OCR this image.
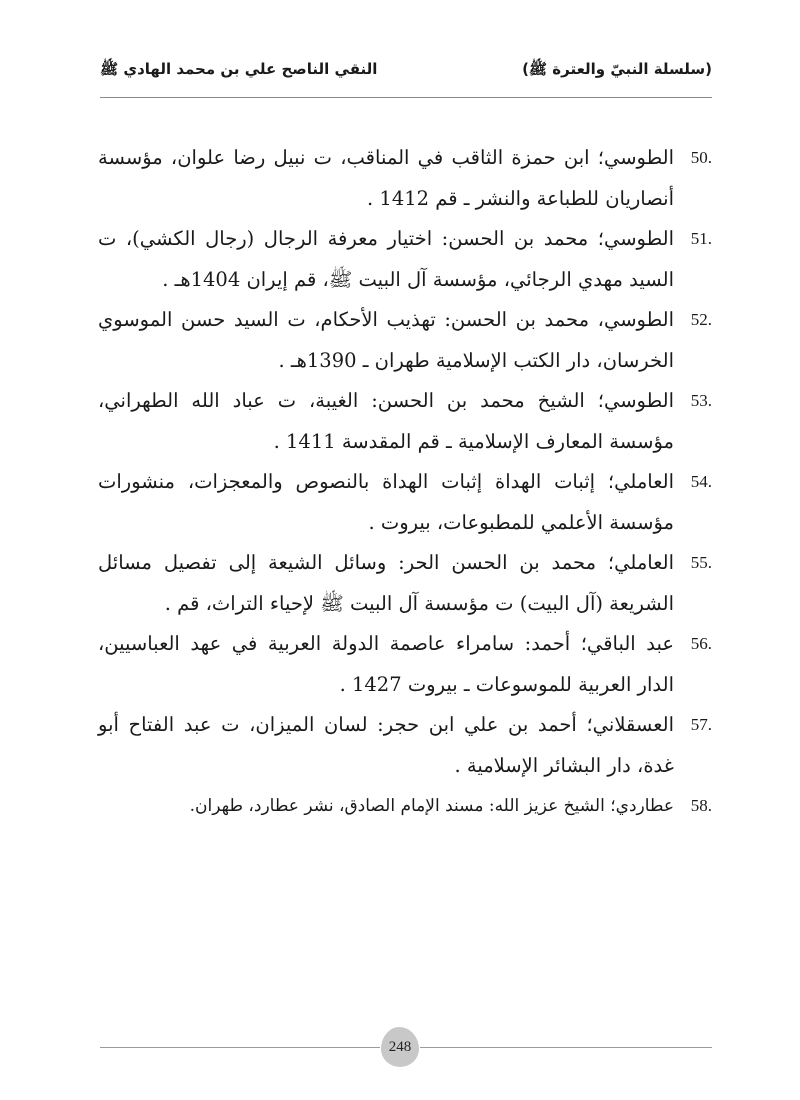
(سلسلة النبيّ والعترة ﷺ)
النقي الناصح علي بن محمد الهادي ﷺ
50.
الطوسي؛ ابن حمزة الثاقب في المناقب، ت نبيل رضا علوان، مؤسسة أنصاريان للطباعة والنشر ـ قم 1412 .
51.
الطوسي؛ محمد بن الحسن: اختيار معرفة الرجال (رجال الكشي)، ت السيد مهدي الرجائي، مؤسسة آل البيت ﷺ، قم إيران 1404هـ .
52.
الطوسي، محمد بن الحسن: تهذيب الأحكام، ت السيد حسن الموسوي الخرسان، دار الكتب الإسلامية طهران ـ 1390هـ .
53.
الطوسي؛ الشيخ محمد بن الحسن: الغيبة، ت عباد الله الطهراني، مؤسسة المعارف الإسلامية ـ قم المقدسة 1411 .
54.
العاملي؛ إثبات الهداة إثبات الهداة بالنصوص والمعجزات، منشورات مؤسسة الأعلمي للمطبوعات، بيروت .
55.
العاملي؛ محمد بن الحسن الحر: وسائل الشيعة إلى تفصيل مسائل الشريعة (آل البيت) ت مؤسسة آل البيت ﷺ لإحياء التراث، قم .
56.
عبد الباقي؛ أحمد: سامراء عاصمة الدولة العربية في عهد العباسيين، الدار العربية للموسوعات ـ بيروت 1427 .
57.
العسقلاني؛ أحمد بن علي ابن حجر: لسان الميزان، ت عبد الفتاح أبو غدة، دار البشائر الإسلامية .
58.
عطاردي؛ الشيخ عزيز الله: مسند الإمام الصادق، نشر عطارد، طهران.
248
